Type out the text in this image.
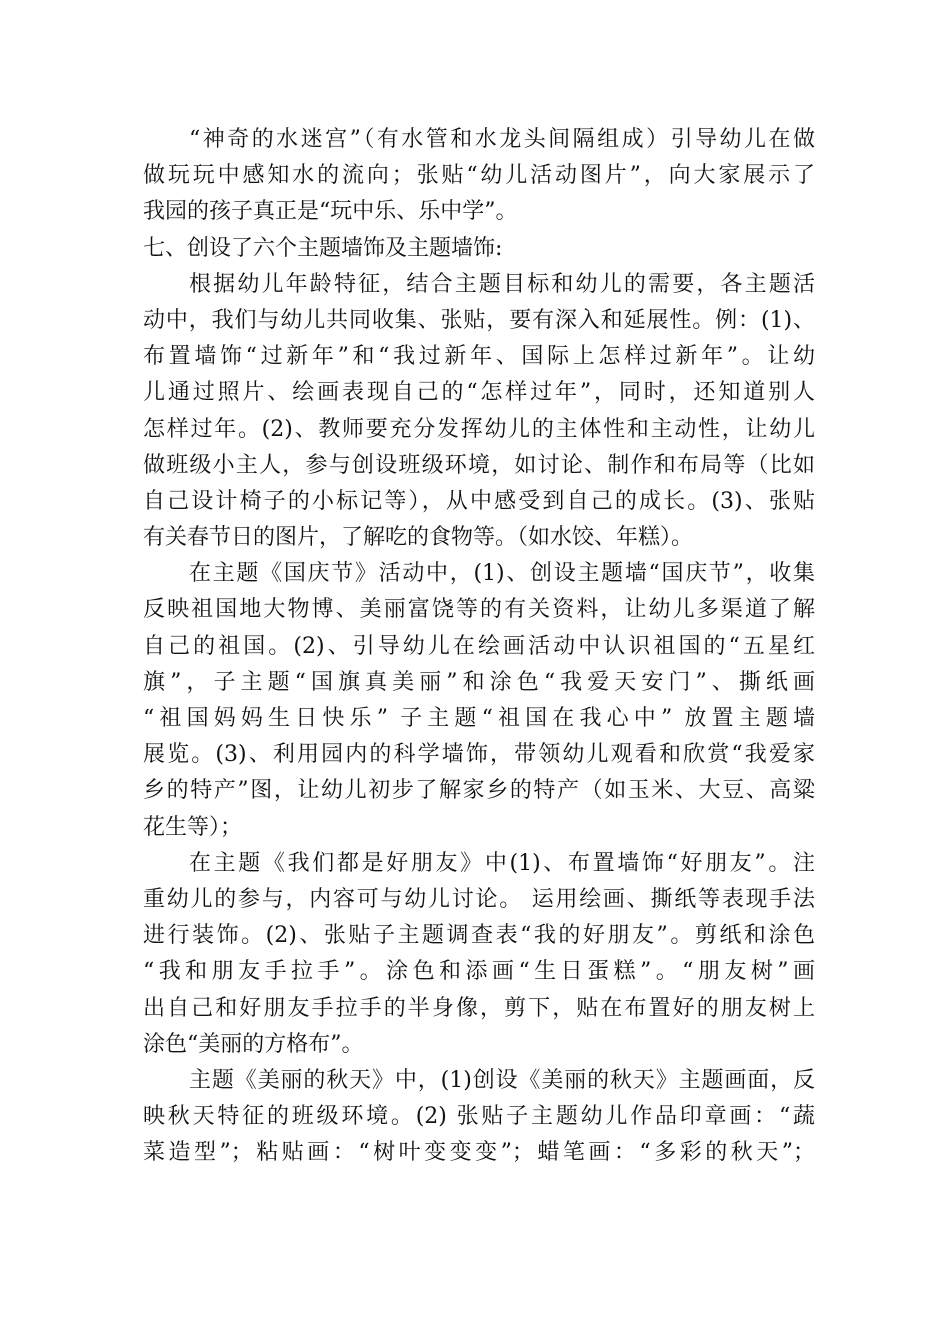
“神奇的水迷宫”（有水管和水龙头间隔组成）引导幼儿在做
做玩玩中感知水的流向；张贴“幼儿活动图片”，向大家展示了
我园的孩子真正是“玩中乐、乐中学”。
七、创设了六个主题墙饰及主题墙饰:
根据幼儿年龄特征，结合主题目标和幼儿的需要，各主题活
动中，我们与幼儿共同收集、张贴，要有深入和延展性。例：(1)、
布置墙饰“过新年”和“我过新年、国际上怎样过新年”。让幼
儿通过照片、绘画表现自己的“怎样过年”，同时，还知道别人
怎样过年。(2)、教师要充分发挥幼儿的主体性和主动性，让幼儿
做班级小主人，参与创设班级环境，如讨论、制作和布局等（比如
自己设计椅子的小标记等），从中感受到自己的成长。(3)、张贴
有关春节日的图片，了解吃的食物等。（如水饺、年糕）。
在主题《国庆节》活动中，(1)、创设主题墙“国庆节”，收集
反映祖国地大物博、美丽富饶等的有关资料，让幼儿多渠道了解
自己的祖国。(2)、引导幼儿在绘画活动中认识祖国的“五星红
旗”，子主题“国旗真美丽”和涂色“我爱天安门”、撕纸画
“祖国妈妈生日快乐” 子主题“祖国在我心中” 放置主题墙
展览。(3)、利用园内的科学墙饰，带领幼儿观看和欣赏“我爱家
乡的特产”图，让幼儿初步了解家乡的特产（如玉米、大豆、高粱
花生等）；
在主题《我们都是好朋友》中(1)、布置墙饰“好朋友”。注
重幼儿的参与，内容可与幼儿讨论。 运用绘画、撕纸等表现手法
进行装饰。(2)、张贴子主题调查表“我的好朋友”。剪纸和涂色
“我和朋友手拉手”。涂色和添画“生日蛋糕”。“朋友树”画
出自己和好朋友手拉手的半身像，剪下，贴在布置好的朋友树上
涂色“美丽的方格布”。
主题《美丽的秋天》中，(1)创设《美丽的秋天》主题画面，反
映秋天特征的班级环境。(2) 张贴子主题幼儿作品印章画：“蔬
菜造型”；粘贴画：“树叶变变变”；蜡笔画：“多彩的秋天”；
